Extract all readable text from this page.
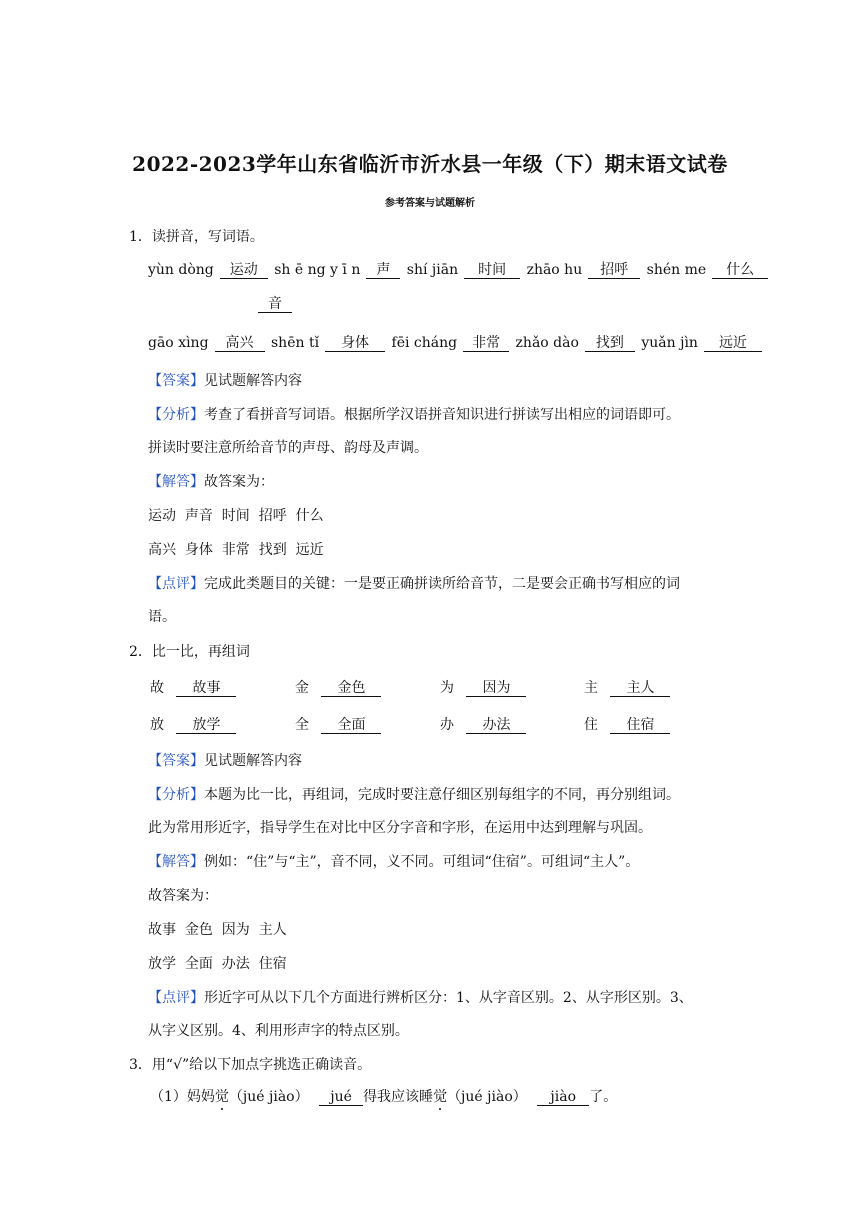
2022-2023学年山东省临沂市沂水县一年级（下）期末语文试卷
参考答案与试题解析
1．读拼音，写词语。
yùn dòng 运动 sh ē ng y ī n 声 shí jiān 时间 zhāo hu 招呼 shén me 什么
音
gāo xìng 高兴 shēn tǐ 身体 fēi cháng 非常 zhǎo dào 找到 yuǎn jìn 远近
【答案】见试题解答内容
【分析】考查了看拼音写词语。根据所学汉语拼音知识进行拼读写出相应的词语即可。
拼读时要注意所给音节的声母、韵母及声调。
【解答】故答案为：
运动  声音  时间  招呼  什么
高兴  身体  非常  找到  远近
【点评】完成此类题目的关键：一是要正确拼读所给音节，二是要会正确书写相应的词
语。
2．比一比，再组词
故 故事	金 金色	为 因为	主 主人
放 放学	全 全面	办 办法	住 住宿
【答案】见试题解答内容
【分析】本题为比一比，再组词，完成时要注意仔细区别每组字的不同，再分别组词。
此为常用形近字，指导学生在对比中区分字音和字形，在运用中达到理解与巩固。
【解答】例如：“住”与“主”，音不同，义不同。可组词“住宿”。可组词“主人”。
故答案为：
故事  金色  因为  主人
放学  全面  办法  住宿
【点评】形近字可从以下几个方面进行辨析区分：1、从字音区别。2、从字形区别。3、
从字义区别。4、利用形声字的特点区别。
3．用“√”给以下加点字挑选正确读音。
（1）妈妈觉（jué jiào） jué 得我应该睡觉（jué jiào） jiào 了。
